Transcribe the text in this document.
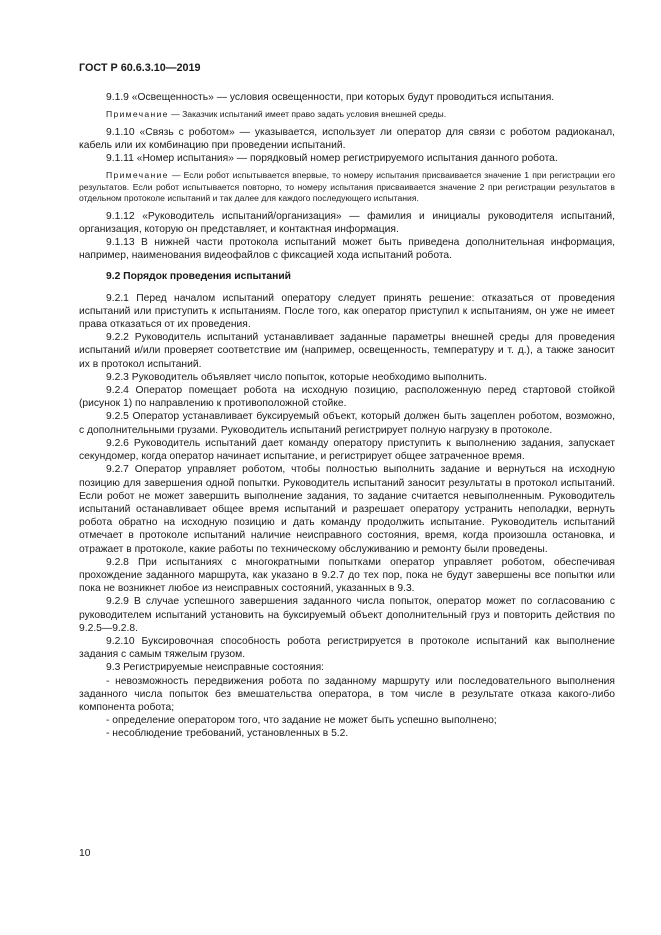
ГОСТ Р 60.6.3.10—2019

9.1.9 «Освещенность» — условия освещенности, при которых будут проводиться испытания.

Примечание — Заказчик испытаний имеет право задать условия внешней среды.

9.1.10 «Связь с роботом» — указывается, использует ли оператор для связи с роботом радиоканал, кабель или их комбинацию при проведении испытаний.

9.1.11 «Номер испытания» — порядковый номер регистрируемого испытания данного робота.

Примечание — Если робот испытывается впервые, то номеру испытания присваивается значение 1 при регистрации его результатов. Если робот испытывается повторно, то номеру испытания присваивается значение 2 при регистрации результатов в отдельном протоколе испытаний и так далее для каждого последующего испытания.

9.1.12 «Руководитель испытаний/организация» — фамилия и инициалы руководителя испытаний, организация, которую он представляет, и контактная информация.

9.1.13 В нижней части протокола испытаний может быть приведена дополнительная информация, например, наименования видеофайлов с фиксацией хода испытаний робота.

9.2 Порядок проведения испытаний

9.2.1 Перед началом испытаний оператору следует принять решение: отказаться от проведения испытаний или приступить к испытаниям. После того, как оператор приступил к испытаниям, он уже не имеет права отказаться от их проведения.

9.2.2 Руководитель испытаний устанавливает заданные параметры внешней среды для проведения испытаний и/или проверяет соответствие им (например, освещенность, температуру и т. д.), а также заносит их в протокол испытаний.

9.2.3 Руководитель объявляет число попыток, которые необходимо выполнить.

9.2.4 Оператор помещает робота на исходную позицию, расположенную перед стартовой стойкой (рисунок 1) по направлению к противоположной стойке.

9.2.5 Оператор устанавливает буксируемый объект, который должен быть зацеплен роботом, возможно, с дополнительными грузами. Руководитель испытаний регистрирует полную нагрузку в протоколе.

9.2.6 Руководитель испытаний дает команду оператору приступить к выполнению задания, запускает секундомер, когда оператор начинает испытание, и регистрирует общее затраченное время.

9.2.7 Оператор управляет роботом, чтобы полностью выполнить задание и вернуться на исходную позицию для завершения одной попытки. Руководитель испытаний заносит результаты в протокол испытаний. Если робот не может завершить выполнение задания, то задание считается невыполненным. Руководитель испытаний останавливает общее время испытаний и разрешает оператору устранить неполадки, вернуть робота обратно на исходную позицию и дать команду продолжить испытание. Руководитель испытаний отмечает в протоколе испытаний наличие неисправного состояния, время, когда произошла остановка, и отражает в протоколе, какие работы по техническому обслуживанию и ремонту были проведены.

9.2.8 При испытаниях с многократными попытками оператор управляет роботом, обеспечивая прохождение заданного маршрута, как указано в 9.2.7 до тех пор, пока не будут завершены все попытки или пока не возникнет любое из неисправных состояний, указанных в 9.3.

9.2.9 В случае успешного завершения заданного числа попыток, оператор может по согласованию с руководителем испытаний установить на буксируемый объект дополнительный груз и повторить действия по 9.2.5—9.2.8.

9.2.10 Буксировочная способность робота регистрируется в протоколе испытаний как выполнение задания с самым тяжелым грузом.

9.3 Регистрируемые неисправные состояния:

- невозможность передвижения робота по заданному маршруту или последовательного выполнения заданного числа попыток без вмешательства оператора, в том числе в результате отказа какого-либо компонента робота;

- определение оператором того, что задание не может быть успешно выполнено;

- несоблюдение требований, установленных в 5.2.

10
